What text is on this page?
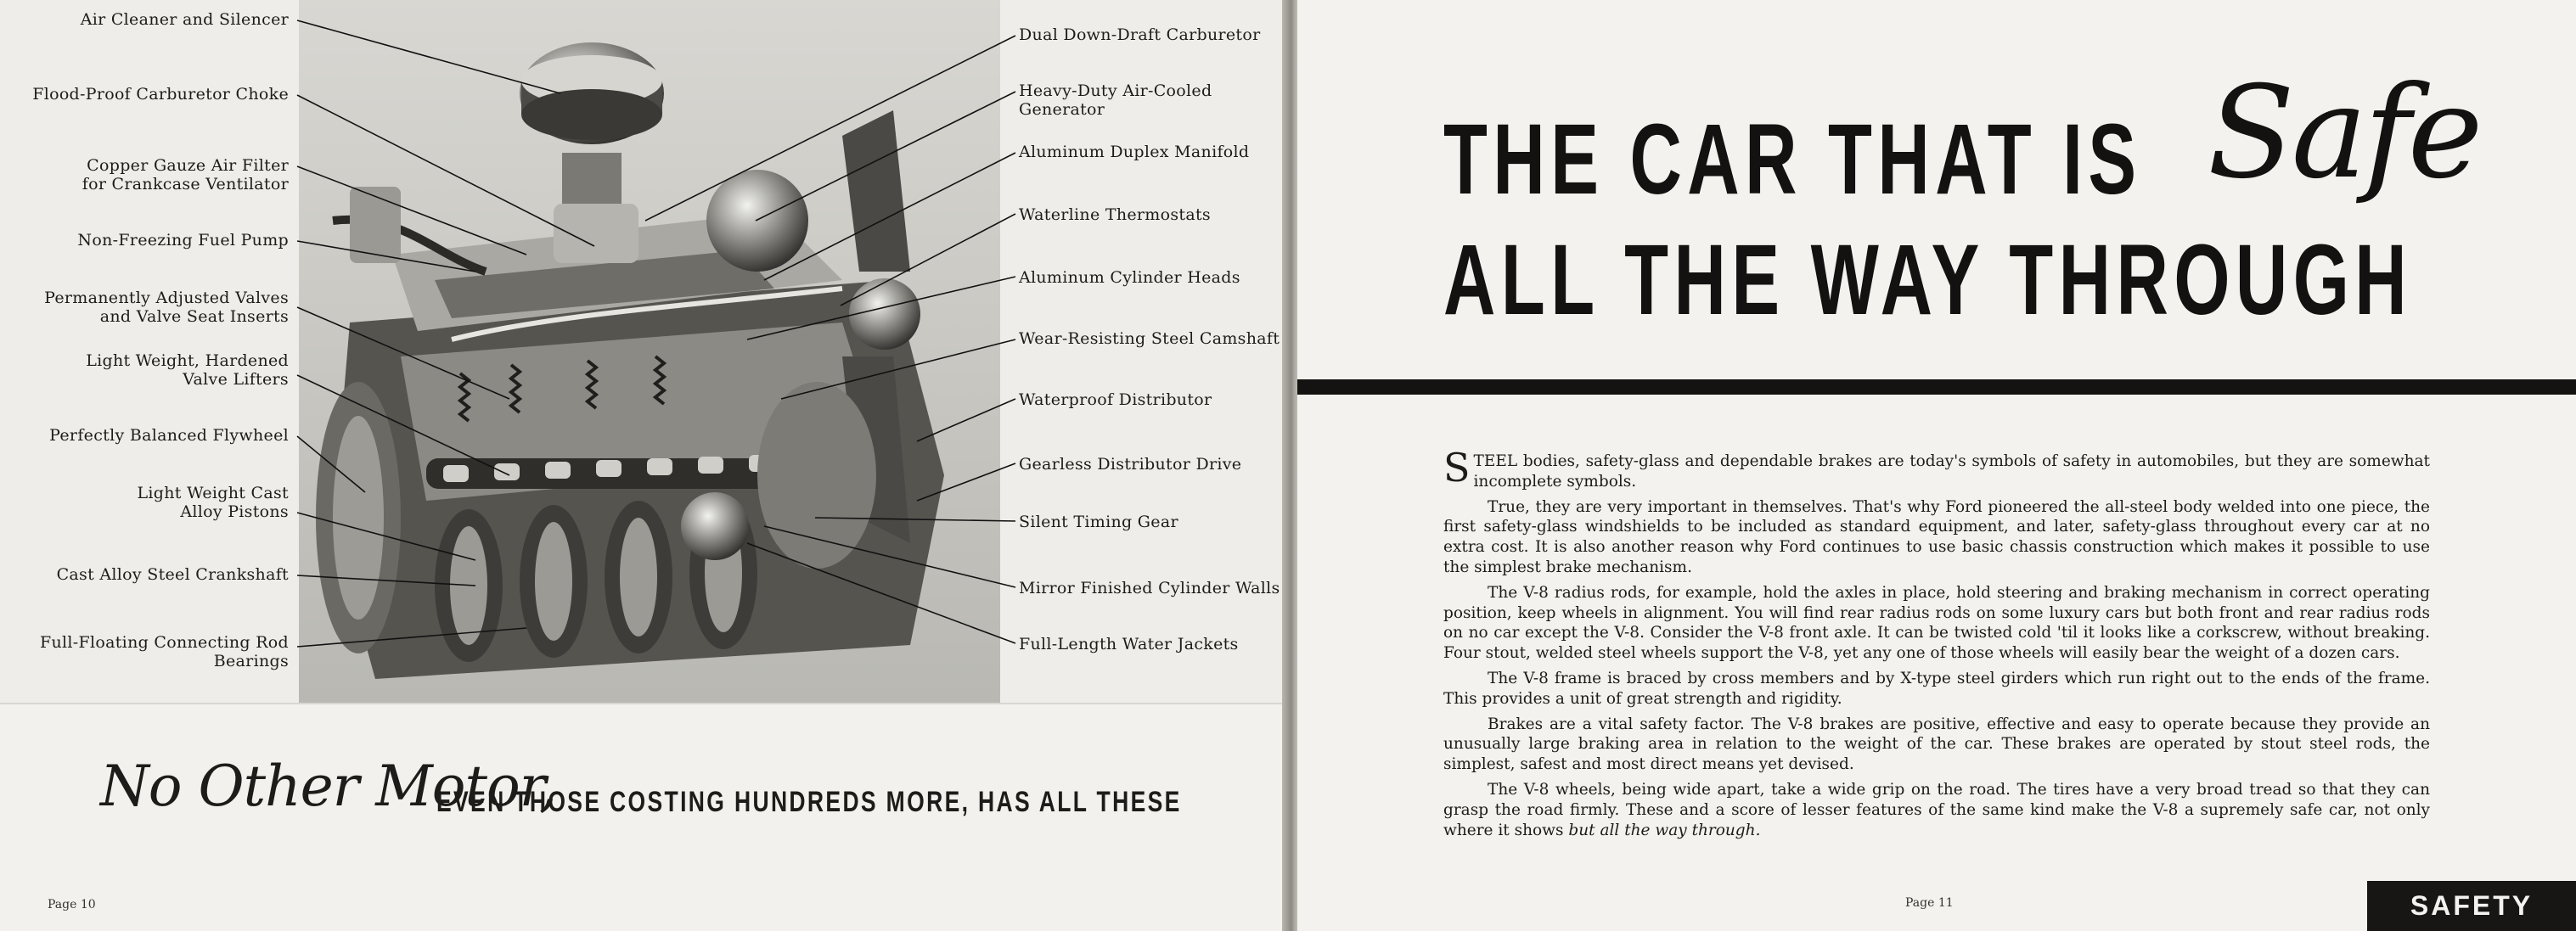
Air Cleaner and Silencer
Flood-Proof Carburetor Choke
Copper Gauze Air Filter
for Crankcase Ventilator
Non-Freezing Fuel Pump
Permanently Adjusted Valves
and Valve Seat Inserts
Light Weight, Hardened
Valve Lifters
Perfectly Balanced Flywheel
Light Weight Cast
Alloy Pistons
Cast Alloy Steel Crankshaft
Full-Floating Connecting Rod
Bearings
Dual Down-Draft Carburetor
Heavy-Duty Air-Cooled
Generator
Aluminum Duplex Manifold
Waterline Thermostats
Aluminum Cylinder Heads
Wear-Resisting Steel Camshaft
Waterproof Distributor
Gearless Distributor Drive
Silent Timing Gear
Mirror Finished Cylinder Walls
Full-Length Water Jackets
No Other Motor,
EVEN THOSE COSTING HUNDREDS MORE, HAS ALL THESE
Page 10
THE CAR THAT IS Safe
ALL THE WAY THROUGH

STEEL bodies, safety-glass and dependable brakes are today's symbols of safety in automobiles, but they are somewhat incomplete symbols.

True, they are very important in themselves. That's why Ford pioneered the all-steel body welded into one piece, the first safety-glass windshields to be included as standard equipment, and later, safety-glass throughout every car at no extra cost. It is also another reason why Ford continues to use basic chassis construction which makes it possible to use the simplest brake mechanism.

The V-8 radius rods, for example, hold the axles in place, hold steering and braking mechanism in correct operating position, keep wheels in alignment. You will find rear radius rods on some luxury cars but both front and rear radius rods on no car except the V-8. Consider the V-8 front axle. It can be twisted cold 'til it looks like a corkscrew, without breaking. Four stout, welded steel wheels support the V-8, yet any one of those wheels will easily bear the weight of a dozen cars.

The V-8 frame is braced by cross members and by X-type steel girders which run right out to the ends of the frame. This provides a unit of great strength and rigidity.

Brakes are a vital safety factor. The V-8 brakes are positive, effective and easy to operate because they provide an unusually large braking area in relation to the weight of the car. These brakes are operated by stout steel rods, the simplest, safest and most direct means yet devised.

The V-8 wheels, being wide apart, take a wide grip on the road. The tires have a very broad tread so that they can grasp the road firmly. These and a score of lesser features of the same kind make the V-8 a supremely safe car, not only where it shows but all the way through.

Page 11	SAFETY
